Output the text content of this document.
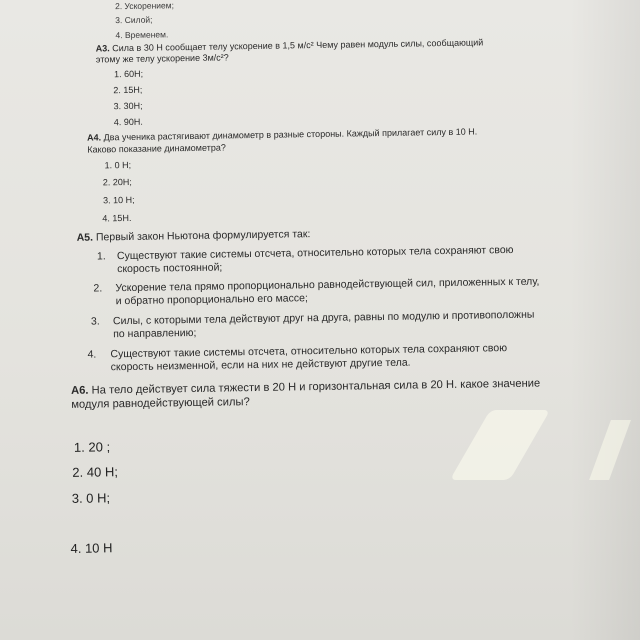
2. Ускорением;
3. Силой;
4. Временем.
А3. Сила в 30 Н сообщает телу ускорение в 1,5 м/с² Чему равен модуль силы, сообщающий
этому же телу ускорение 3м/с²?
1. 60Н;
2. 15Н;
3. 30Н;
4. 90Н.
А4. Два ученика растягивают динамометр в разные стороны. Каждый прилагает силу в 10 Н.
Каково показание динамометра?
1. 0 Н;
2. 20Н;
3. 10 Н;
4. 15Н.
А5. Первый закон Ньютона формулируется так:
1. Существуют такие системы отсчета, относительно которых тела сохраняют свою
скорость постоянной;
2. Ускорение тела прямо пропорционально равнодействующей сил, приложенных к телу,
и обратно пропорционально его массе;
3. Силы, с которыми тела действуют друг на друга, равны по модулю и противоположны
по направлению;
4. Существуют такие системы отсчета, относительно которых тела сохраняют свою
скорость неизменной, если на них не действуют другие тела.
А6. На тело действует сила тяжести в 20 Н и горизонтальная сила в 20 Н. какое значение
модуля равнодействующей силы?
1. 20 ;
2. 40 Н;
3. 0 Н;
4. 10 Н
